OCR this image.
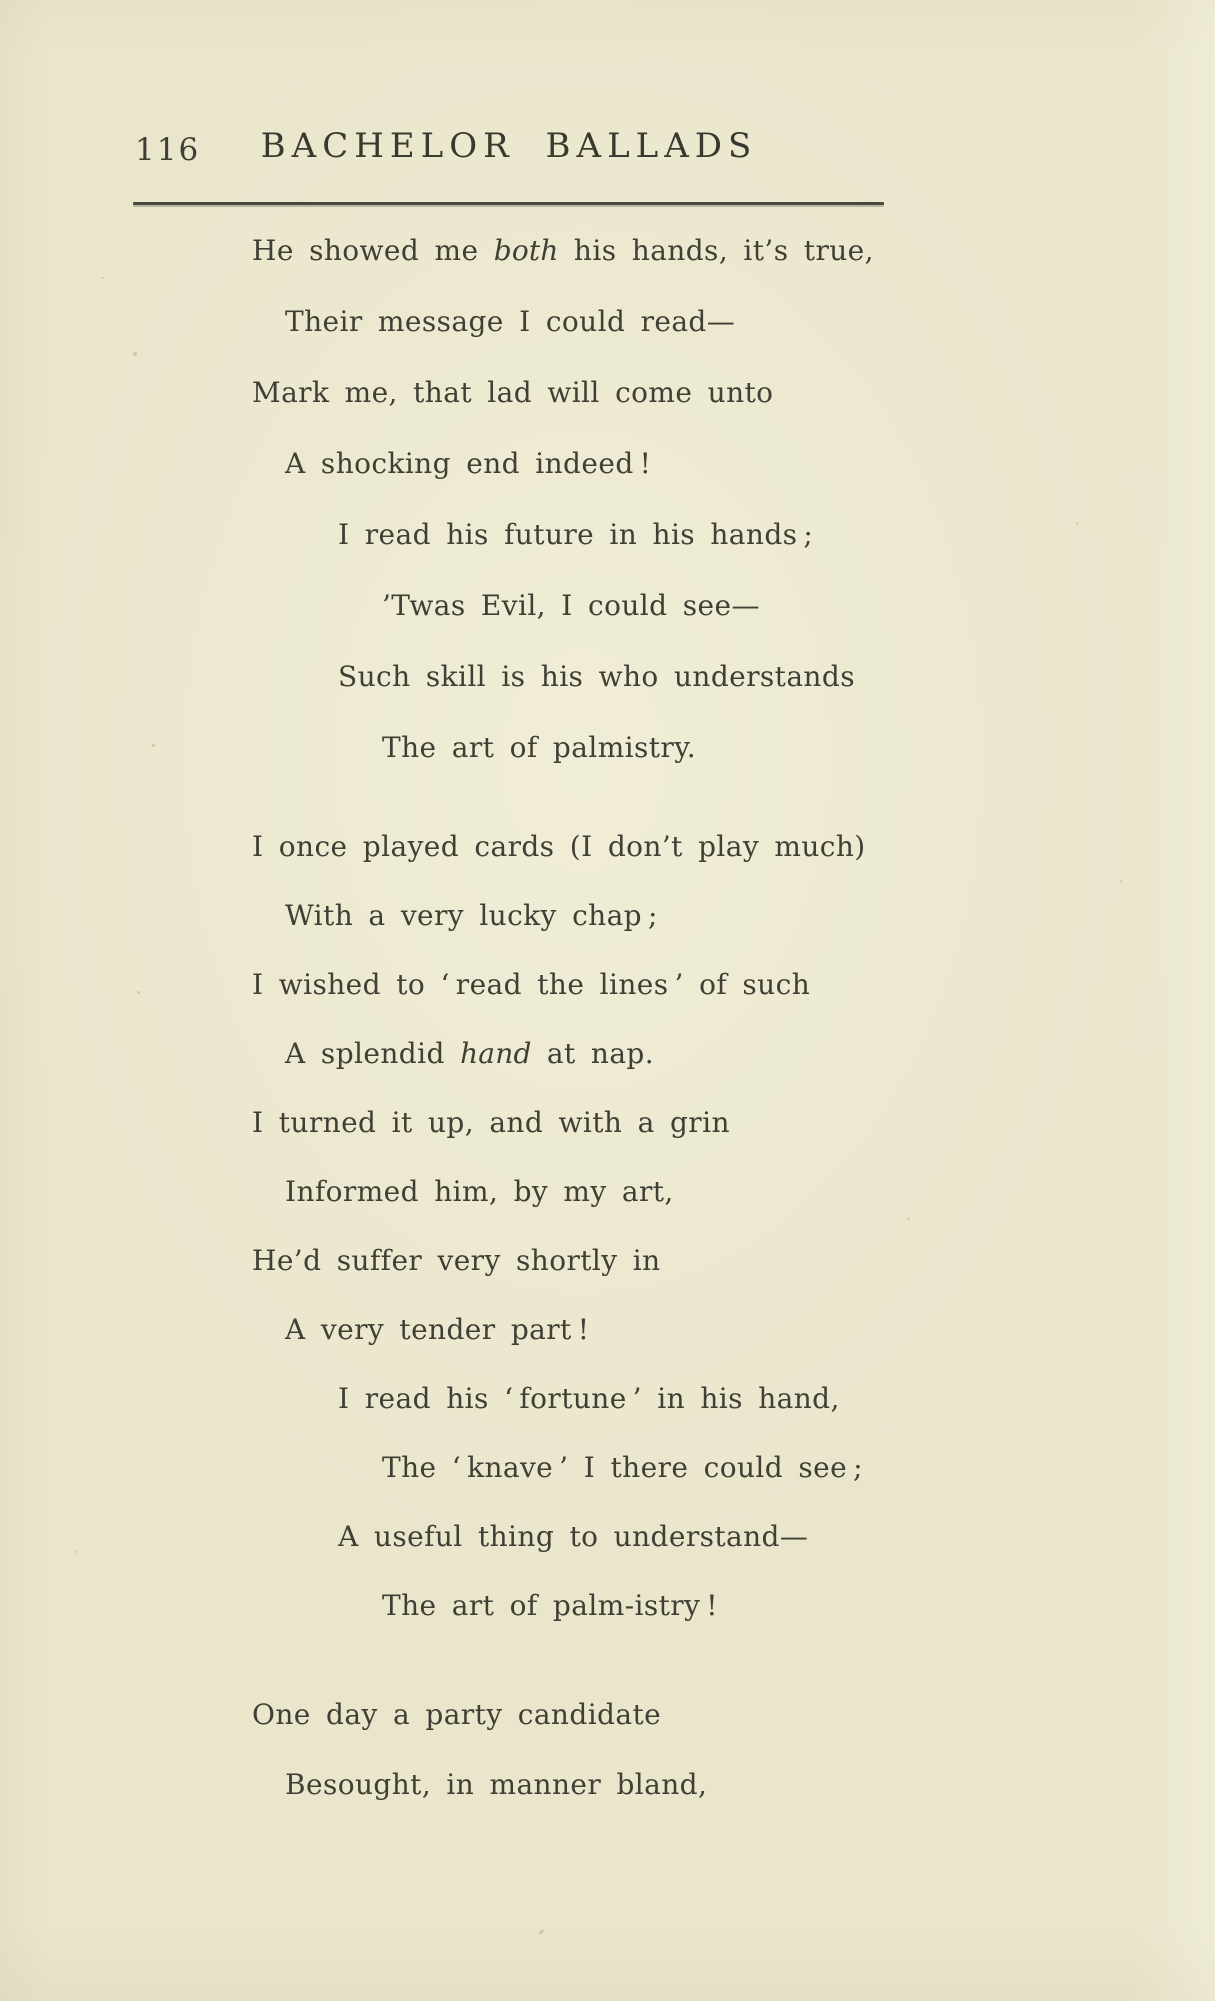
116	BACHELOR BALLADS
He showed me both his hands, it’s true,
Their message I could read—
Mark me, that lad will come unto
A shocking end indeed !
I read his future in his hands ;
’Twas Evil, I could see—
Such skill is his who understands
The art of palmistry.
I once played cards (I don’t play much)
With a very lucky chap ;
I wished to ‘ read the lines ’ of such
A splendid hand at nap.
I turned it up, and with a grin
Informed him, by my art,
He’d suffer very shortly in
A very tender part !
I read his ‘ fortune ’ in his hand,
The ‘ knave ’ I there could see ;
A useful thing to understand—
The art of palm-istry !
One day a party candidate
Besought, in manner bland,
